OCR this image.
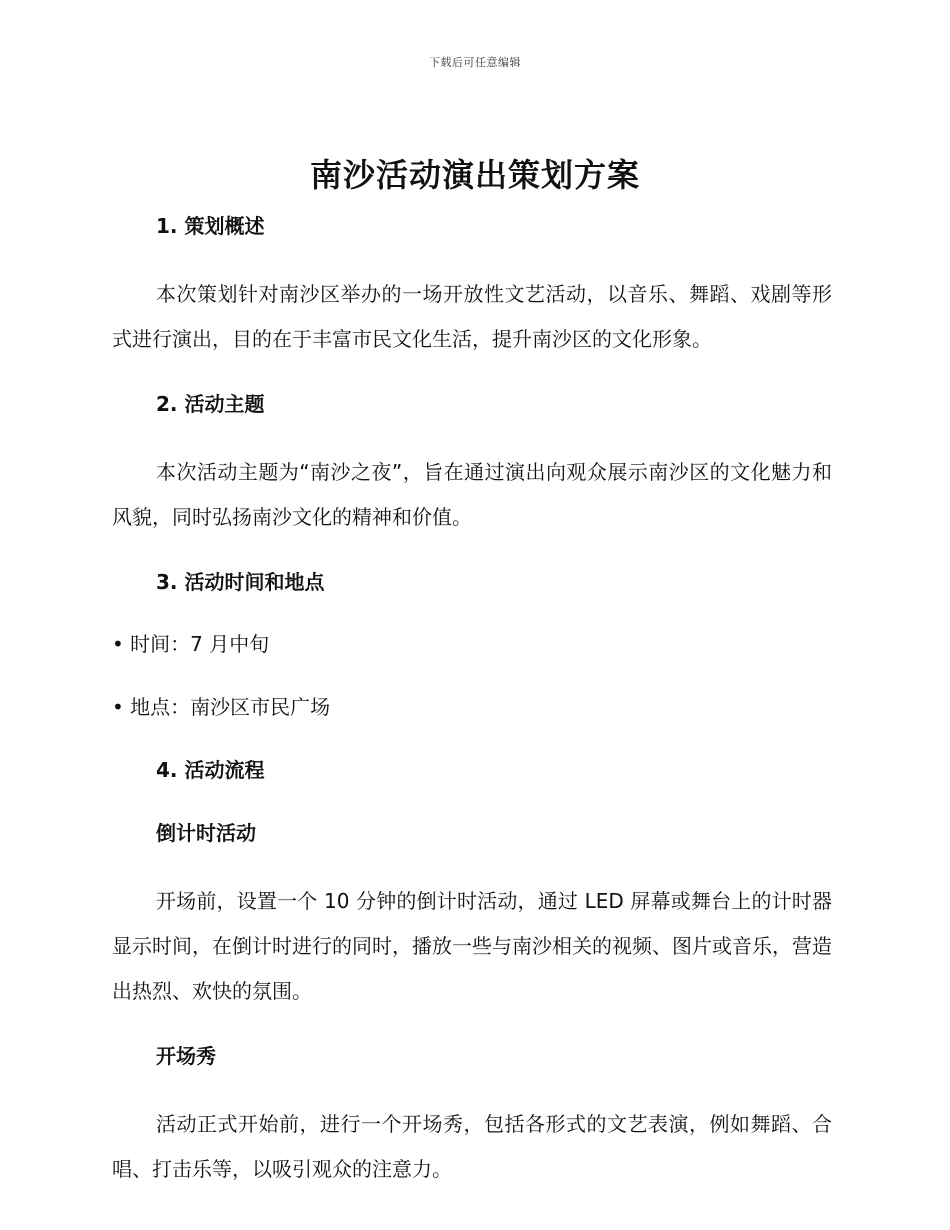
下载后可任意编辑
南沙活动演出策划方案
1. 策划概述
本次策划针对南沙区举办的一场开放性文艺活动，以音乐、舞蹈、戏剧等形式进行演出，目的在于丰富市民文化生活，提升南沙区的文化形象。
2. 活动主题
本次活动主题为“南沙之夜”，旨在通过演出向观众展示南沙区的文化魅力和风貌，同时弘扬南沙文化的精神和价值。
3. 活动时间和地点
• 时间：7 月中旬
• 地点：南沙区市民广场
4. 活动流程
倒计时活动
开场前，设置一个 10 分钟的倒计时活动，通过 LED 屏幕或舞台上的计时器显示时间，在倒计时进行的同时，播放一些与南沙相关的视频、图片或音乐，营造出热烈、欢快的氛围。
开场秀
活动正式开始前，进行一个开场秀，包括各形式的文艺表演，例如舞蹈、合唱、打击乐等，以吸引观众的注意力。
